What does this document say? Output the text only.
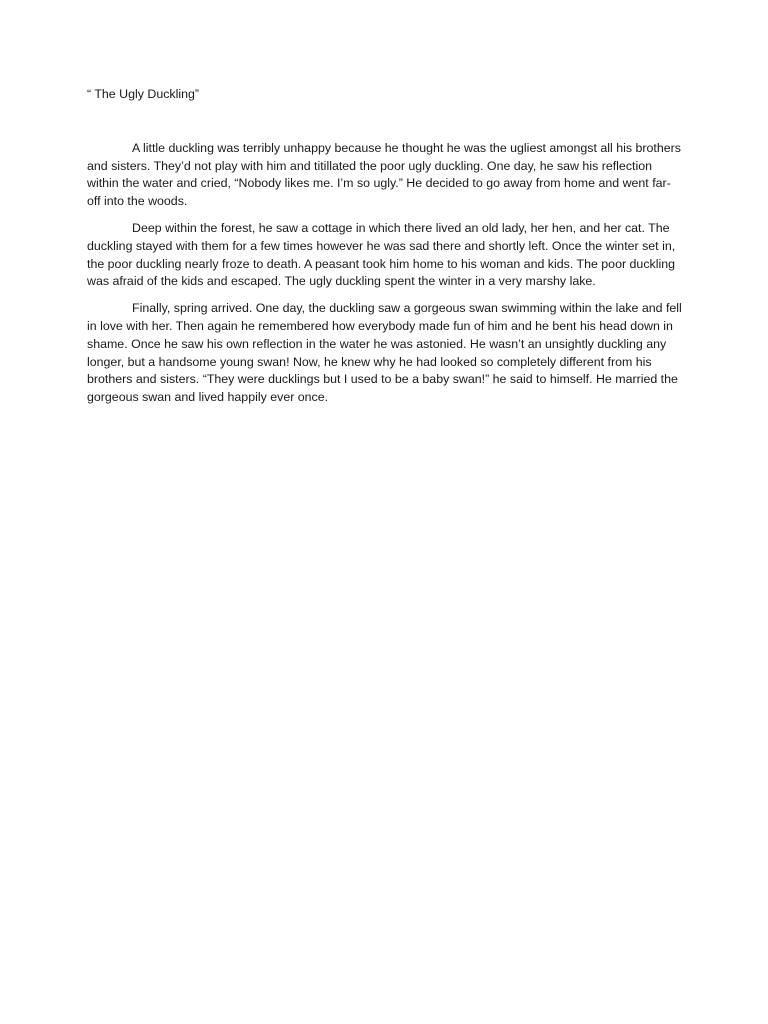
“ The Ugly Duckling”

A little duckling was terribly unhappy because he thought he was the ugliest amongst all his brothers and sisters. They’d not play with him and titillated the poor ugly duckling. One day, he saw his reflection within the water and cried, “Nobody likes me. I’m so ugly.” He decided to go away from home and went far-off into the woods.

Deep within the forest, he saw a cottage in which there lived an old lady, her hen, and her cat. The duckling stayed with them for a few times however he was sad there and shortly left. Once the winter set in, the poor duckling nearly froze to death. A peasant took him home to his woman and kids. The poor duckling was afraid of the kids and escaped. The ugly duckling spent the winter in a very marshy lake.

Finally, spring arrived. One day, the duckling saw a gorgeous swan swimming within the lake and fell in love with her. Then again he remembered how everybody made fun of him and he bent his head down in shame. Once he saw his own reflection in the water he was astonied. He wasn’t an unsightly duckling any longer, but a handsome young swan! Now, he knew why he had looked so completely different from his brothers and sisters. “They were ducklings but I used to be a baby swan!” he said to himself. He married the gorgeous swan and lived happily ever once.
